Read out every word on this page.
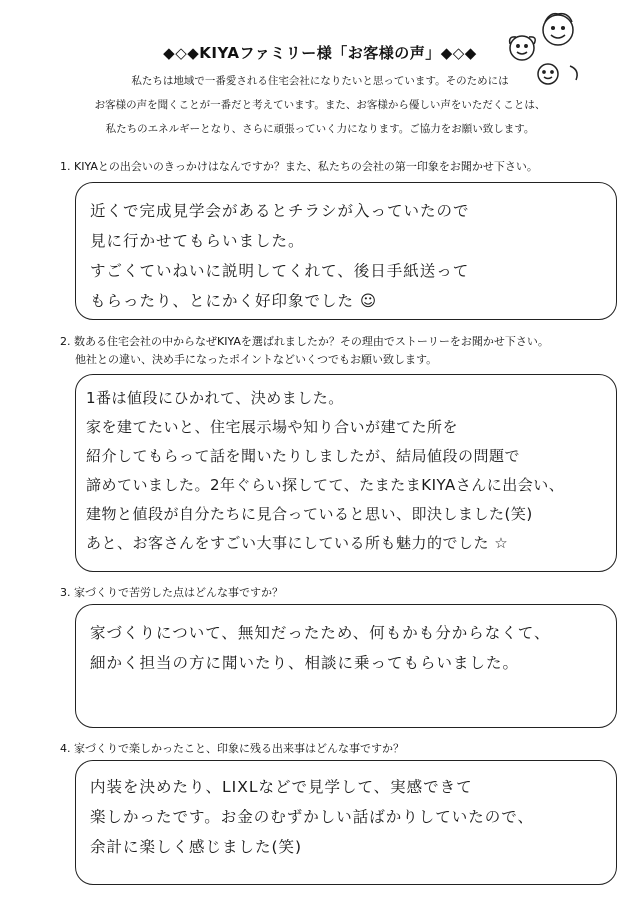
◆◇◆KIYAファミリー様「お客様の声」◆◇◆
私たちは地域で一番愛される住宅会社になりたいと思っています。そのためには
お客様の声を聞くことが一番だと考えています。また、お客様から優しい声をいただくことは、
私たちのエネルギーとなり、さらに頑張っていく力になります。ご協力をお願い致します。
1. KIYAとの出会いのきっかけはなんですか？また、私たちの会社の第一印象をお聞かせ下さい。
近くで完成見学会があるとチラシが入っていたので
見に行かせてもらいました。
すごくていねいに説明してくれて、後日手紙送って
もらったり、とにかく好印象でした ☺
2. 数ある住宅会社の中からなぜKIYAを選ばれましたか？その理由でストーリーをお聞かせ下さい。
他社との違い、決め手になったポイントなどいくつでもお願い致します。
1番は値段にひかれて、決めました。
家を建てたいと、住宅展示場や知り合いが建てた所を
紹介してもらって話を聞いたりしましたが、結局値段の問題で
諦めていました。2年ぐらい探してて、たまたまKIYAさんに出会い、
建物と値段が自分たちに見合っていると思い、即決しました(笑)
あと、お客さんをすごい大事にしている所も魅力的でした ☆
3. 家づくりで苦労した点はどんな事ですか？
家づくりについて、無知だったため、何もかも分からなくて、
細かく担当の方に聞いたり、相談に乗ってもらいました。
4. 家づくりで楽しかったこと、印象に残る出来事はどんな事ですか？
内装を決めたり、LIXLなどで見学して、実感できて
楽しかったです。お金のむずかしい話ばかりしていたので、
余計に楽しく感じました(笑)
